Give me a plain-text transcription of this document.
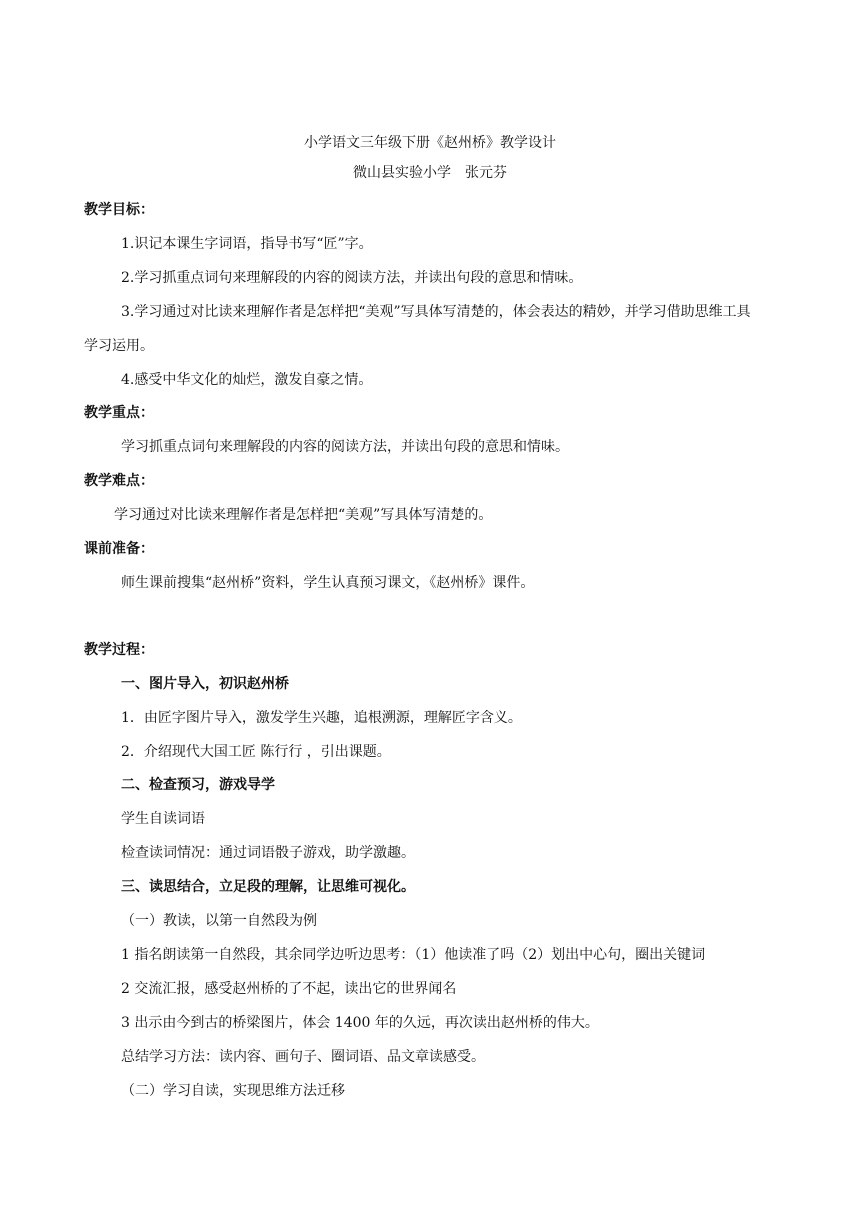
小学语文三年级下册《赵州桥》教学设计
微山县实验小学　张元芬
教学目标：
1.识记本课生字词语，指导书写“匠”字。
2.学习抓重点词句来理解段的内容的阅读方法，并读出句段的意思和情味。
3.学习通过对比读来理解作者是怎样把“美观”写具体写清楚的，体会表达的精妙，并学习借助思维工具
学习运用。
4.感受中华文化的灿烂，激发自豪之情。
教学重点：
学习抓重点词句来理解段的内容的阅读方法，并读出句段的意思和情味。
教学难点：
学习通过对比读来理解作者是怎样把“美观”写具体写清楚的。
课前准备：
师生课前搜集“赵州桥”资料，学生认真预习课文，《赵州桥》课件。
教学过程：
一、图片导入，初识赵州桥
1．由匠字图片导入，激发学生兴趣，追根溯源，理解匠字含义。
2．介绍现代大国工匠 陈行行 ，引出课题。
二、检查预习，游戏导学
学生自读词语
检查读词情况：通过词语骰子游戏，助学激趣。
三、读思结合，立足段的理解，让思维可视化。
（一）教读，以第一自然段为例
1 指名朗读第一自然段，其余同学边听边思考：（1）他读准了吗（2）划出中心句，圈出关键词
2 交流汇报，感受赵州桥的了不起，读出它的世界闻名
3 出示由今到古的桥梁图片，体会 1400 年的久远，再次读出赵州桥的伟大。
总结学习方法：读内容、画句子、圈词语、品文章读感受。
（二）学习自读，实现思维方法迁移
